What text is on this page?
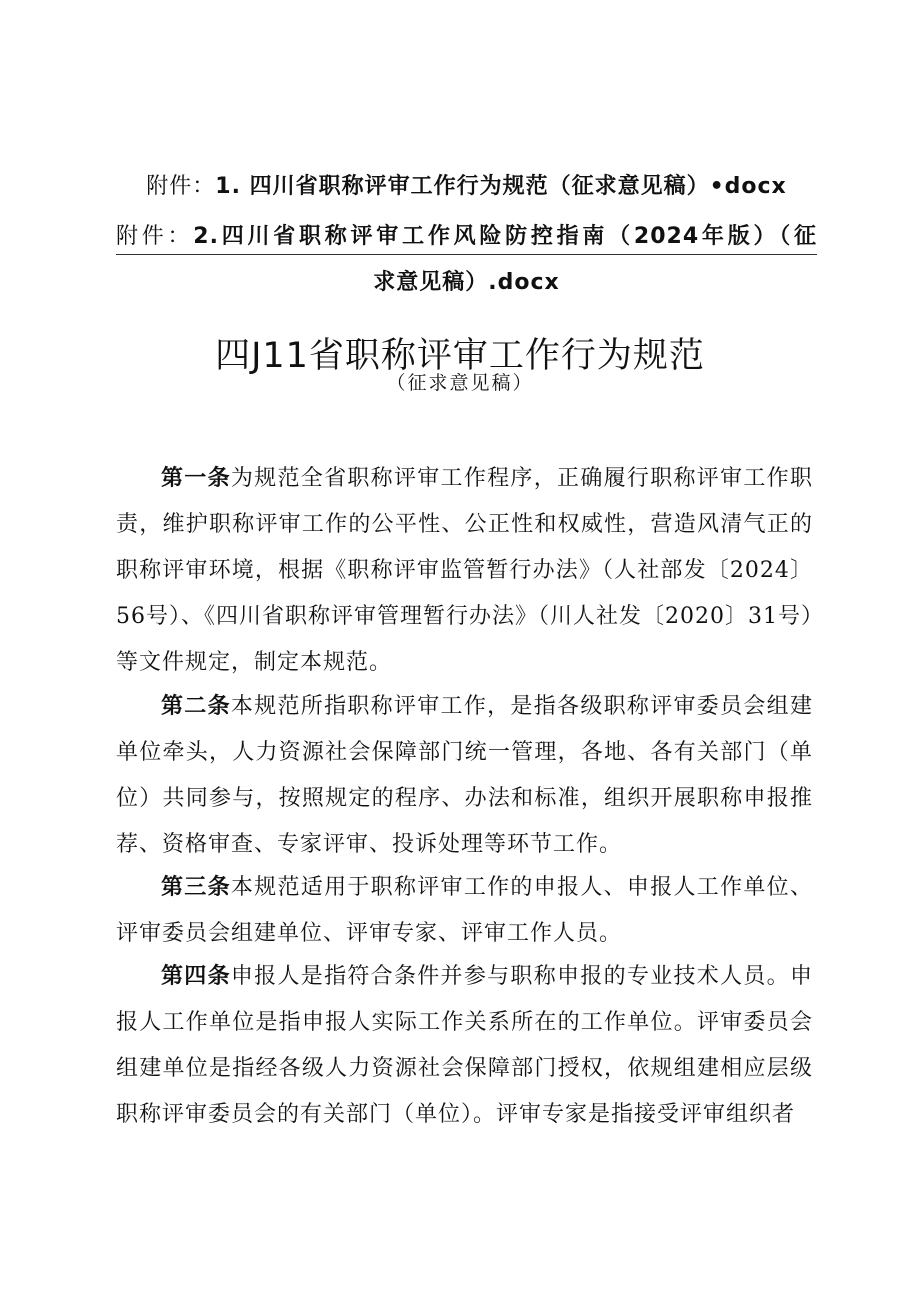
附件：1. 四川省职称评审工作行为规范（征求意见稿）•docx
附件：2.四川省职称评审工作风险防控指南（2024年版）（征
求意见稿）.docx
四J11省职称评审工作行为规范
（征求意见稿）

第一条为规范全省职称评审工作程序，正确履行职称评审工作职责，维护职称评审工作的公平性、公正性和权威性，营造风清气正的职称评审环境，根据《职称评审监管暂行办法》（人社部发〔2024〕56号）、《四川省职称评审管理暂行办法》（川人社发〔2020〕31号）等文件规定，制定本规范。

第二条本规范所指职称评审工作，是指各级职称评审委员会组建单位牵头，人力资源社会保障部门统一管理，各地、各有关部门（单位）共同参与，按照规定的程序、办法和标准，组织开展职称申报推荐、资格审查、专家评审、投诉处理等环节工作。

第三条本规范适用于职称评审工作的申报人、申报人工作单位、评审委员会组建单位、评审专家、评审工作人员。

第四条申报人是指符合条件并参与职称申报的专业技术人员。申报人工作单位是指申报人实际工作关系所在的工作单位。评审委员会组建单位是指经各级人力资源社会保障部门授权，依规组建相应层级职称评审委员会的有关部门（单位）。评审专家是指接受评审组织者
